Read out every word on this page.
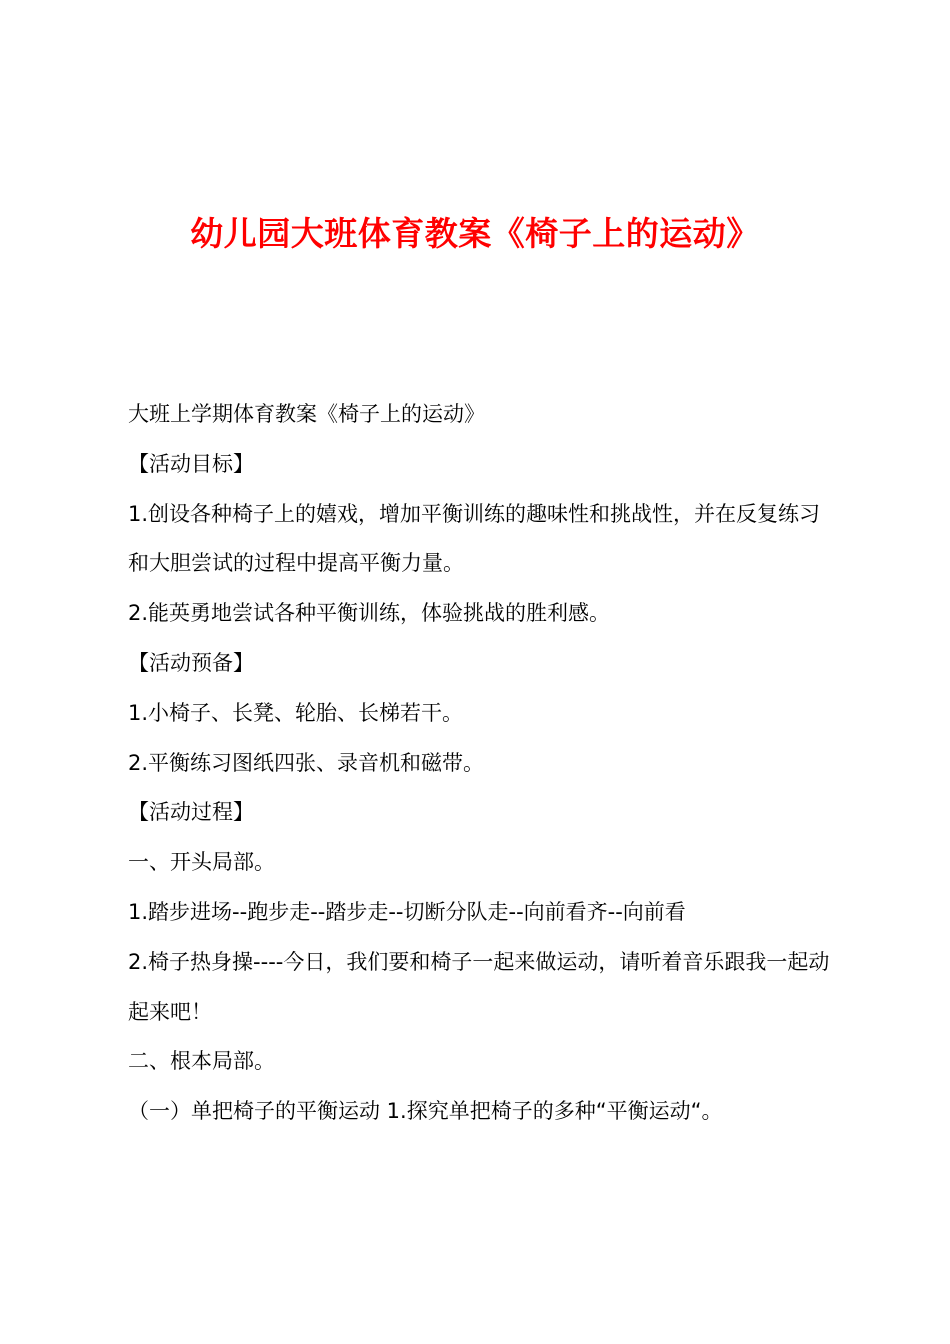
幼儿园大班体育教案《椅子上的运动》

大班上学期体育教案《椅子上的运动》

【活动目标】

1.创设各种椅子上的嬉戏，增加平衡训练的趣味性和挑战性，并在反复练习和大胆尝试的过程中提高平衡力量。

2.能英勇地尝试各种平衡训练，体验挑战的胜利感。

【活动预备】

1.小椅子、长凳、轮胎、长梯若干。

2.平衡练习图纸四张、录音机和磁带。

【活动过程】

一、开头局部。

1.踏步进场--跑步走--踏步走--切断分队走--向前看齐--向前看

2.椅子热身操----今日，我们要和椅子一起来做运动，请听着音乐跟我一起动起来吧！

二、根本局部。

（一）单把椅子的平衡运动 1.探究单把椅子的多种“平衡运动“。
